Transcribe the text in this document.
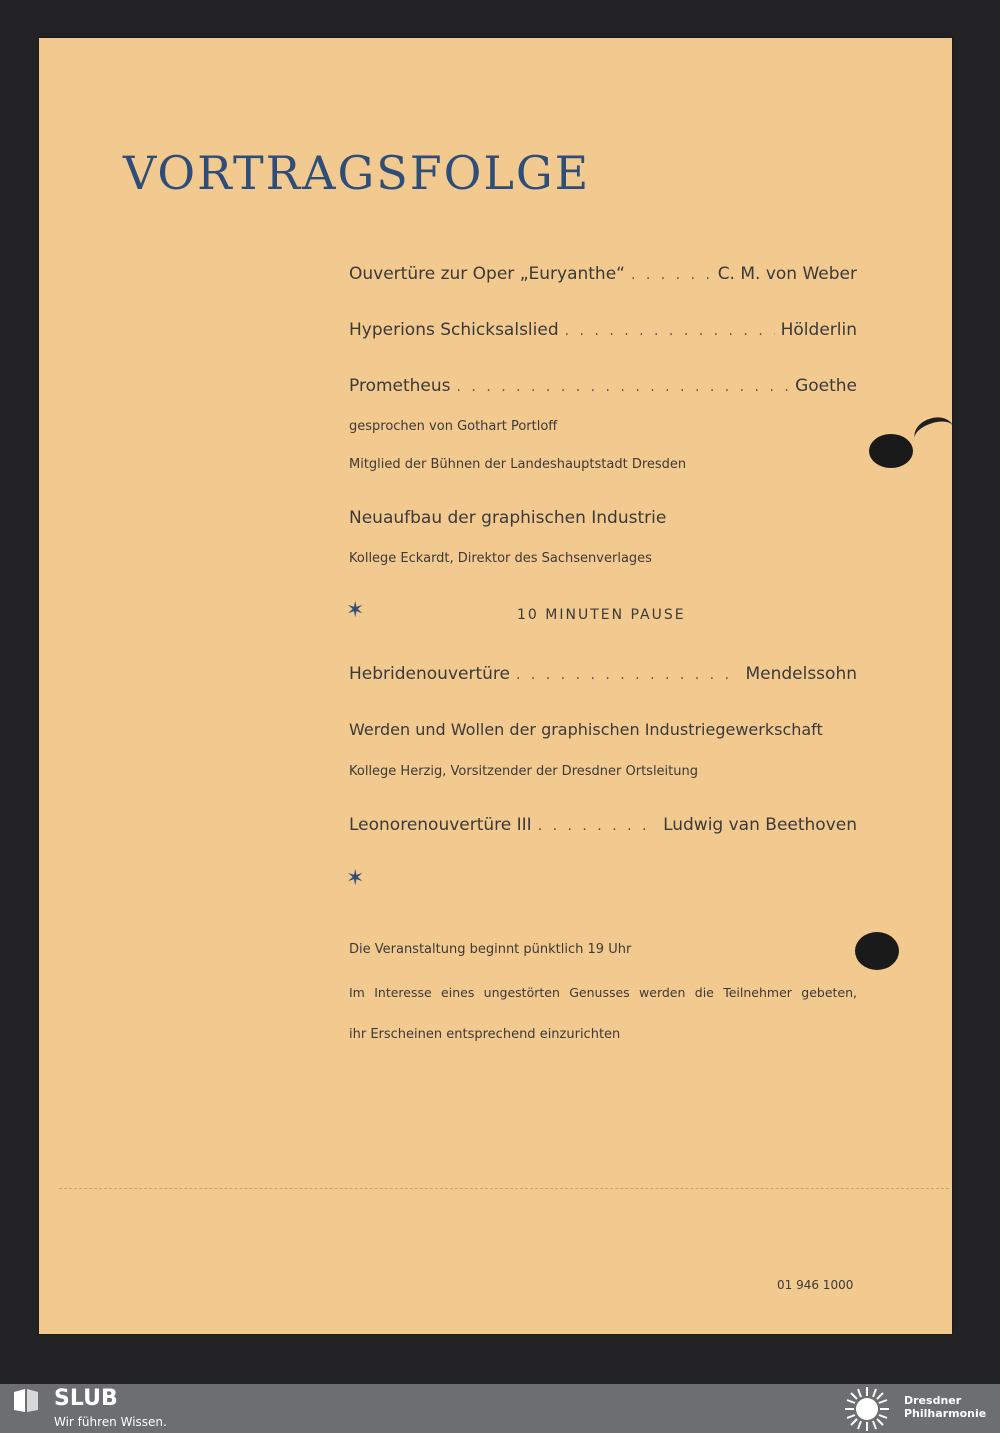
VORTRAGSFOLGE
Ouvertüre zur Oper „Euryanthe“ . . .	C. M. von Weber
Hyperions Schicksalslied . . .	Hölderlin
Prometheus . . .	Goethe
gesprochen von Gothart Portloff
Mitglied der Bühnen der Landeshauptstadt Dresden
Neuaufbau der graphischen Industrie
Kollege Eckardt, Direktor des Sachsenverlages
✶	10 MINUTEN PAUSE
Hebridenouvertüre . . .	Mendelssohn
Werden und Wollen der graphischen Industriegewerkschaft
Kollege Herzig, Vorsitzender der Dresdner Ortsleitung
Leonorenouvertüre III . . .	Ludwig van Beethoven
✶
Die Veranstaltung beginnt pünktlich 19 Uhr
Im Interesse eines ungestörten Genusses werden die Teilnehmer gebeten,
ihr Erscheinen entsprechend einzurichten
01 946 1000
SLUB
Wir führen Wissen.
Dresdner
Philharmonie
